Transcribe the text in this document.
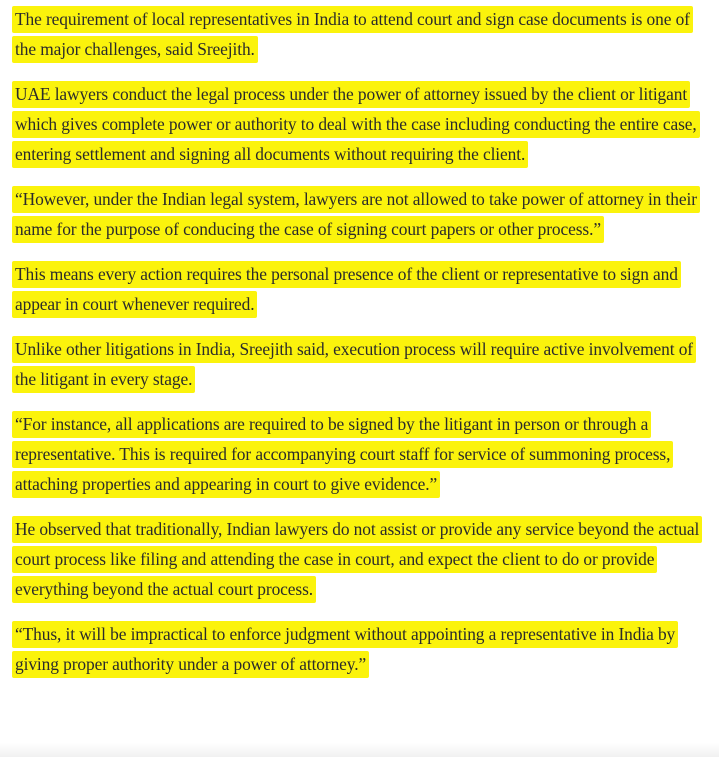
The requirement of local representatives in India to attend court and sign case documents is one of the major challenges, said Sreejith.

UAE lawyers conduct the legal process under the power of attorney issued by the client or litigant which gives complete power or authority to deal with the case including conducting the entire case, entering settlement and signing all documents without requiring the client.

“However, under the Indian legal system, lawyers are not allowed to take power of attorney in their name for the purpose of conducing the case of signing court papers or other process.”

This means every action requires the personal presence of the client or representative to sign and appear in court whenever required.

Unlike other litigations in India, Sreejith said, execution process will require active involvement of the litigant in every stage.

“For instance, all applications are required to be signed by the litigant in person or through a representative. This is required for accompanying court staff for service of summoning process, attaching properties and appearing in court to give evidence.”

He observed that traditionally, Indian lawyers do not assist or provide any service beyond the actual court process like filing and attending the case in court, and expect the client to do or provide everything beyond the actual court process.

“Thus, it will be impractical to enforce judgment without appointing a representative in India by giving proper authority under a power of attorney.”
